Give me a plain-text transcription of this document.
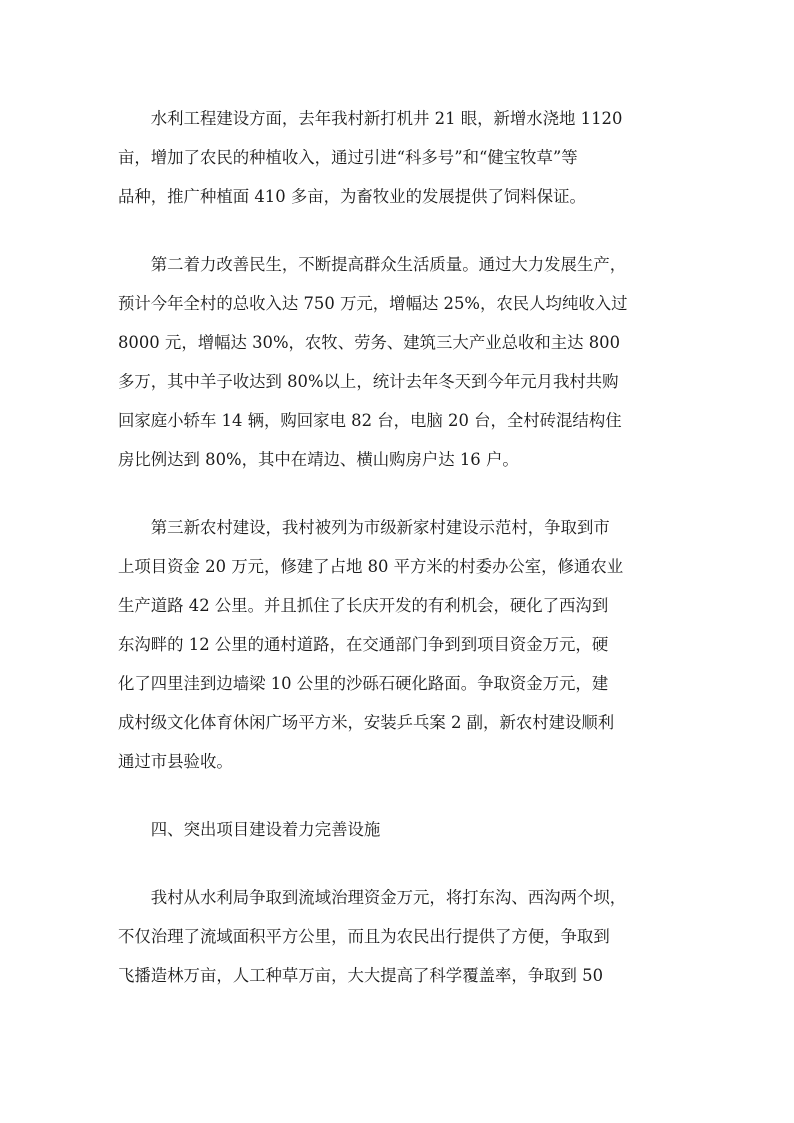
水利工程建设方面，去年我村新打机井 21 眼，新增水浇地 1120
亩，增加了农民的种植收入，通过引进“科多号”和“健宝牧草”等
品种，推广种植面 410 多亩，为畜牧业的发展提供了饲料保证。
第二着力改善民生，不断提高群众生活质量。通过大力发展生产，
预计今年全村的总收入达 750 万元，增幅达 25%，农民人均纯收入过
8000 元，增幅达 30%，农牧、劳务、建筑三大产业总收和主达 800
多万，其中羊子收达到 80%以上，统计去年冬天到今年元月我村共购
回家庭小轿车 14 辆，购回家电 82 台，电脑 20 台，全村砖混结构住
房比例达到 80%，其中在靖边、横山购房户达 16 户。
第三新农村建设，我村被列为市级新家村建设示范村，争取到市
上项目资金 20 万元，修建了占地 80 平方米的村委办公室，修通农业
生产道路 42 公里。并且抓住了长庆开发的有利机会，硬化了西沟到
东沟畔的 12 公里的通村道路，在交通部门争到到项目资金万元，硬
化了四里洼到边墙梁 10 公里的沙砾石硬化路面。争取资金万元，建
成村级文化体育休闲广场平方米，安装乒乓案 2 副，新农村建设顺利
通过市县验收。
四、突出项目建设着力完善设施
我村从水利局争取到流域治理资金万元，将打东沟、西沟两个坝，
不仅治理了流域面积平方公里，而且为农民出行提供了方便，争取到
飞播造林万亩，人工种草万亩，大大提高了科学覆盖率，争取到 50
